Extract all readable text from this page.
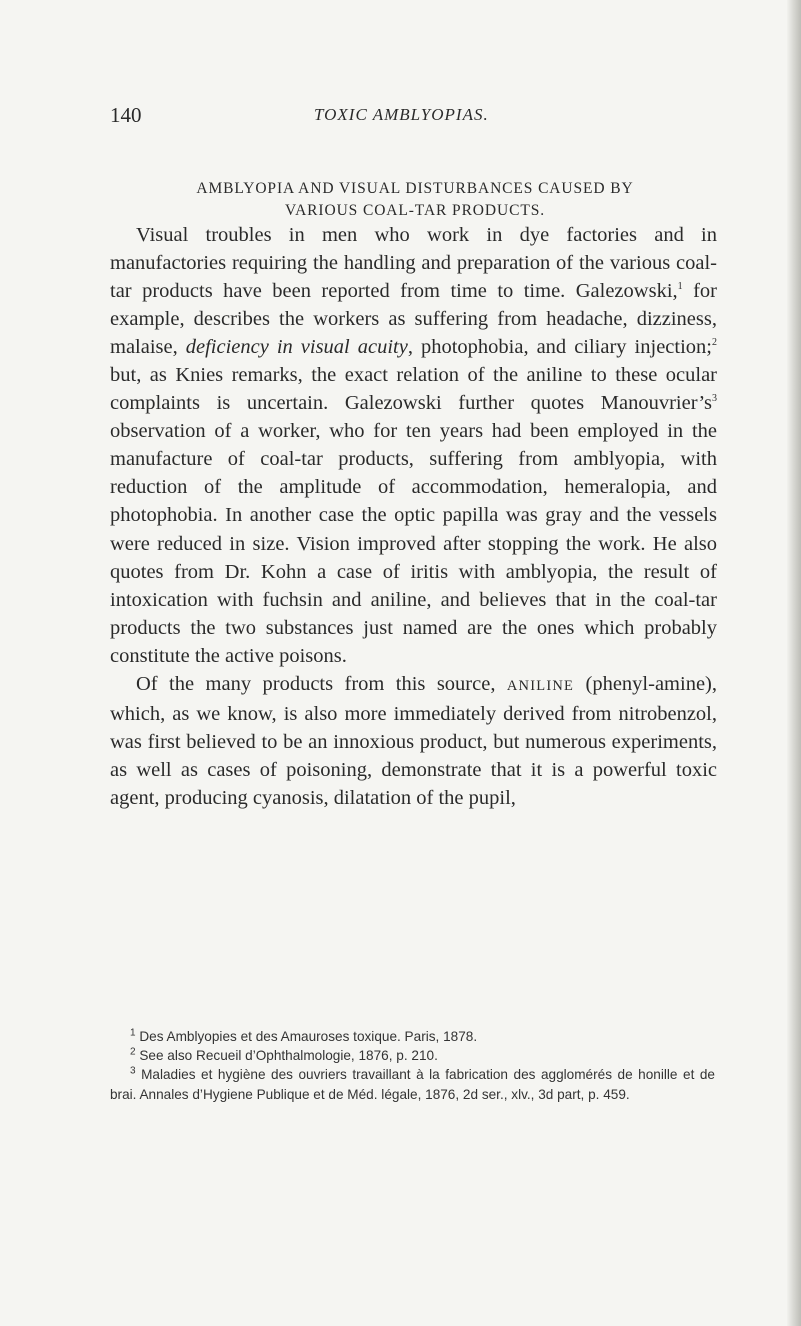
140	TOXIC AMBLYOPIAS.
AMBLYOPIA AND VISUAL DISTURBANCES CAUSED BY
VARIOUS COAL-TAR PRODUCTS.

Visual troubles in men who work in dye factories and in manufactories requiring the handling and preparation of the various coal-tar products have been reported from time to time. Galezowski,$^1$ for example, describes the workers as suffering from headache, dizziness, malaise, deficiency in visual acuity, photophobia, and ciliary injection;$^2$ but, as Knies remarks, the exact relation of the aniline to these ocular complaints is uncertain. Galezowski further quotes $Manouvrier’s^3$ observation of a worker, who for ten years had been employed in the manufacture of coal-tar products, suffering from amblyopia, with reduction of the amplitude of accommodation, hemeralopia, and photophobia. In another case the optic papilla was gray and the vessels were reduced in size. Vision improved after stopping the work. He also quotes from Dr. Kohn a case of iritis with amblyopia, the result of intoxication with fuchsin and aniline, and believes that in the coal-tar products the two substances just named are the ones which probably constitute the active poisons.

Of the many products from this source, ANILINE (phenyl-amine), which, as we know, is also more immediately derived from nitrobenzol, was first believed to be an innoxious product, but numerous experiments, as well as cases of poisoning, demonstrate that it is a powerful toxic agent, producing cyanosis, dilatation of the pupil,

$^1$ Des Amblyopies et des Amauroses toxique. Paris, 1878.

$^2$ See also Recueil d’Ophthalmologie, 1876, p. 210.

$^3$ Maladies et hygiène des ouvriers travaillant à la fabrication des agglomérés de honille et de brai. Annales d’Hygiene Publique et de Méd. légale, 1876, 2d ser., xlv., 3d part, p. 459.
